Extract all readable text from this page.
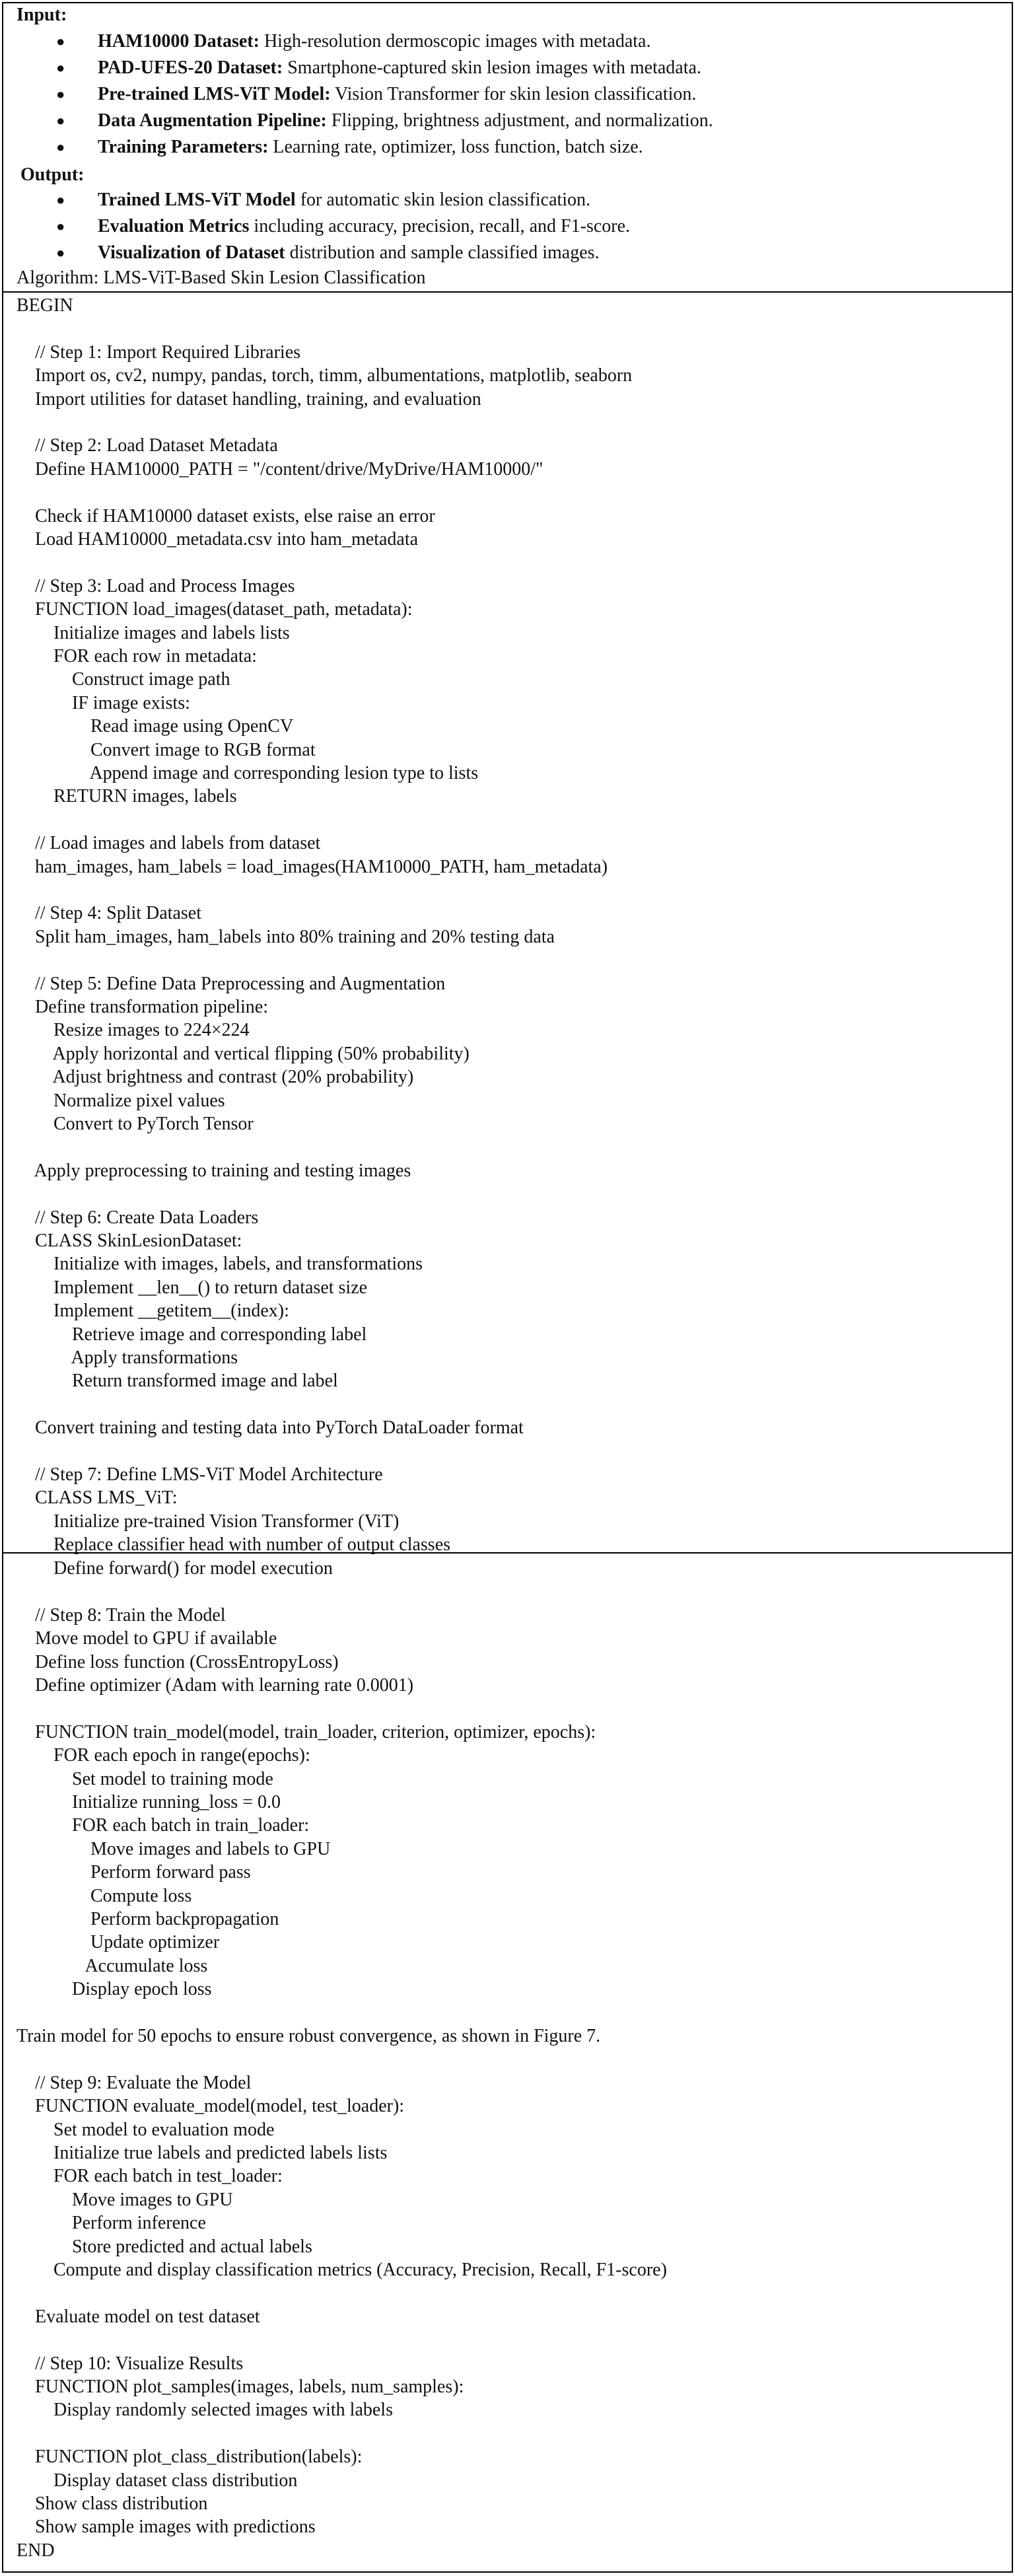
Input:
● HAM10000 Dataset: High-resolution dermoscopic images with metadata.
● PAD-UFES-20 Dataset: Smartphone-captured skin lesion images with metadata.
● Pre-trained LMS-ViT Model: Vision Transformer for skin lesion classification.
● Data Augmentation Pipeline: Flipping, brightness adjustment, and normalization.
● Training Parameters: Learning rate, optimizer, loss function, batch size.
Output:
● Trained LMS-ViT Model for automatic skin lesion classification.
● Evaluation Metrics including accuracy, precision, recall, and F1-score.
● Visualization of Dataset distribution and sample classified images.
Algorithm: LMS-ViT-Based Skin Lesion Classification
BEGIN
// Step 1: Import Required Libraries
Import os, cv2, numpy, pandas, torch, timm, albumentations, matplotlib, seaborn
Import utilities for dataset handling, training, and evaluation
// Step 2: Load Dataset Metadata
Define HAM10000_PATH = "/content/drive/MyDrive/HAM10000/"
Check if HAM10000 dataset exists, else raise an error
Load HAM10000_metadata.csv into ham_metadata
// Step 3: Load and Process Images
FUNCTION load_images(dataset_path, metadata):
Initialize images and labels lists
FOR each row in metadata:
Construct image path
IF image exists:
Read image using OpenCV
Convert image to RGB format
Append image and corresponding lesion type to lists
RETURN images, labels
// Load images and labels from dataset
ham_images, ham_labels = load_images(HAM10000_PATH, ham_metadata)
// Step 4: Split Dataset
Split ham_images, ham_labels into 80% training and 20% testing data
// Step 5: Define Data Preprocessing and Augmentation
Define transformation pipeline:
Resize images to 224×224
Apply horizontal and vertical flipping (50% probability)
Adjust brightness and contrast (20% probability)
Normalize pixel values
Convert to PyTorch Tensor
Apply preprocessing to training and testing images
// Step 6: Create Data Loaders
CLASS SkinLesionDataset:
Initialize with images, labels, and transformations
Implement __len__() to return dataset size
Implement __getitem__(index):
Retrieve image and corresponding label
Apply transformations
Return transformed image and label
Convert training and testing data into PyTorch DataLoader format
// Step 7: Define LMS-ViT Model Architecture
CLASS LMS_ViT:
Initialize pre-trained Vision Transformer (ViT)
Replace classifier head with number of output classes
Define forward() for model execution
// Step 8: Train the Model
Move model to GPU if available
Define loss function (CrossEntropyLoss)
Define optimizer (Adam with learning rate 0.0001)
FUNCTION train_model(model, train_loader, criterion, optimizer, epochs):
FOR each epoch in range(epochs):
Set model to training mode
Initialize running_loss = 0.0
FOR each batch in train_loader:
Move images and labels to GPU
Perform forward pass
Compute loss
Perform backpropagation
Update optimizer
Accumulate loss
Display epoch loss
Train model for 50 epochs to ensure robust convergence, as shown in Figure 7.
// Step 9: Evaluate the Model
FUNCTION evaluate_model(model, test_loader):
Set model to evaluation mode
Initialize true labels and predicted labels lists
FOR each batch in test_loader:
Move images to GPU
Perform inference
Store predicted and actual labels
Compute and display classification metrics (Accuracy, Precision, Recall, F1-score)
Evaluate model on test dataset
// Step 10: Visualize Results
FUNCTION plot_samples(images, labels, num_samples):
Display randomly selected images with labels
FUNCTION plot_class_distribution(labels):
Display dataset class distribution
Show class distribution
Show sample images with predictions
END
